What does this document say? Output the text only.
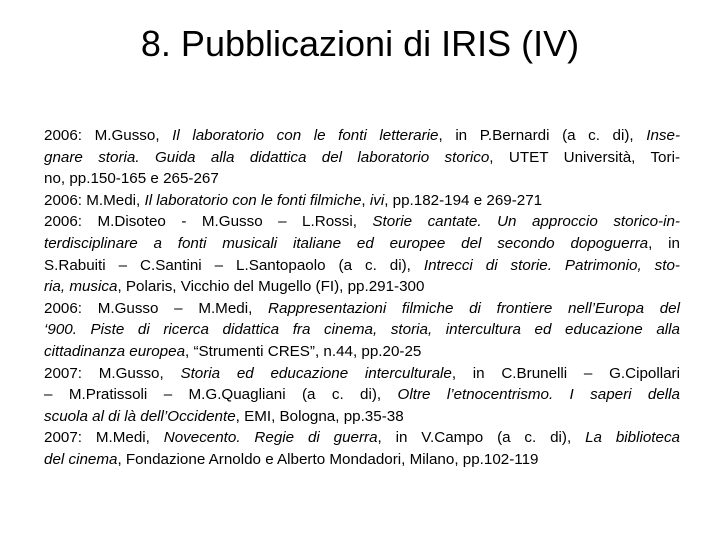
8. Pubblicazioni di IRIS (IV)
2006: M.Gusso, Il laboratorio con le fonti letterarie, in P.Bernardi (a c. di), Inse-
gnare storia. Guida alla didattica del laboratorio storico, UTET Università, Tori-
no, pp.150-165 e 265-267
2006: M.Medi, Il laboratorio con le fonti filmiche, ivi, pp.182-194 e 269-271
2006: M.Disoteo - M.Gusso – L.Rossi, Storie cantate. Un approccio storico-in-
terdisciplinare a fonti musicali italiane ed europee del secondo dopoguerra, in
S.Rabuiti – C.Santini – L.Santopaolo (a c. di), Intrecci di storie. Patrimonio, sto-
ria, musica, Polaris, Vicchio del Mugello (FI), pp.291-300
2006: M.Gusso – M.Medi, Rappresentazioni filmiche di frontiere nell’Europa del
‘900. Piste di ricerca didattica fra cinema, storia, intercultura ed educazione alla
cittadinanza europea, “Strumenti CRES”, n.44, pp.20-25
2007: M.Gusso, Storia ed educazione interculturale, in C.Brunelli – G.Cipollari
– M.Pratissoli – M.G.Quagliani (a c. di), Oltre l’etnocentrismo. I saperi della
scuola al di là dell’Occidente, EMI, Bologna, pp.35-38
2007: M.Medi, Novecento. Regie di guerra, in V.Campo (a c. di), La biblioteca
del cinema, Fondazione Arnoldo e Alberto Mondadori, Milano, pp.102-119
